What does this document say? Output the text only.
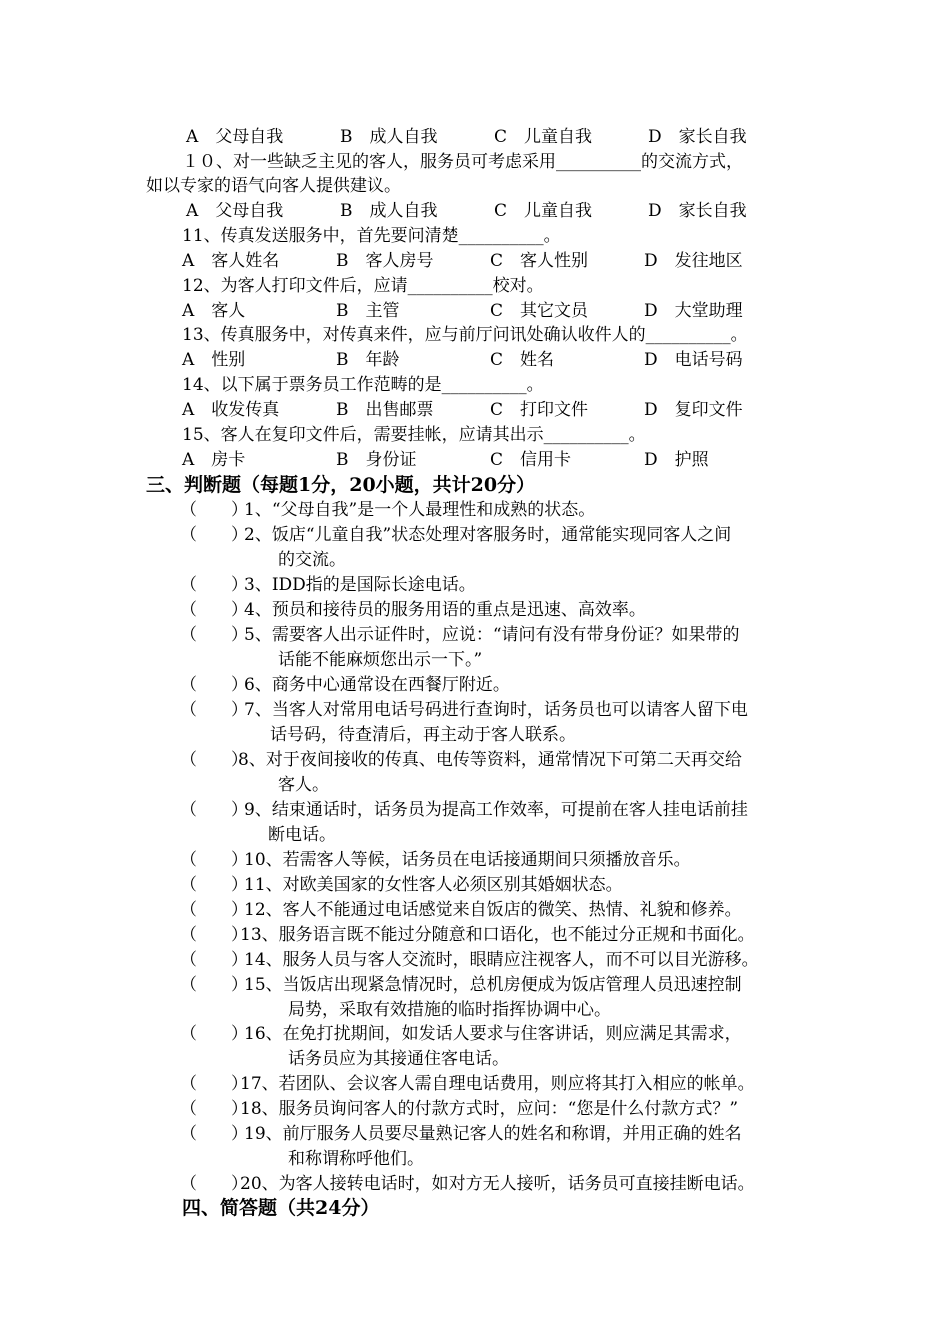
A　父母自我	B　成人自我	C　儿童自我	D　家长自我
１０、对一些缺乏主见的客人，服务员可考虑采用__________的交流方式，
如以专家的语气向客人提供建议。
A　父母自我	B　成人自我	C　儿童自我	D　家长自我
11、传真发送服务中，首先要问清楚__________。
A　客人姓名	B　客人房号	C　客人性别	D　发往地区
12、为客人打印文件后，应请__________校对。
A　客人	B　主管	C　其它文员	D　大堂助理
13、传真服务中，对传真来件，应与前厅问讯处确认收件人的__________。
A　性别	B　年龄	C　姓名	D　电话号码
14、以下属于票务员工作范畴的是__________。
A　收发传真	B　出售邮票	C　打印文件	D　复印文件
15、客人在复印文件后，需要挂帐，应请其出示__________。
A　房卡	B　身份证	C　信用卡	D　护照
三、判断题（每题1分，20小题，共计20分）
（　　）
1、“父母自我”是一个人最理性和成熟的状态。
（　　）
2、饭店“儿童自我”状态处理对客服务时，通常能实现同客人之间
的交流。
（　　）
3、IDD指的是国际长途电话。
（　　）
4、预员和接待员的服务用语的重点是迅速、高效率。
（　　）
5、需要客人出示证件时，应说：“请问有没有带身份证？如果带的
话能不能麻烦您出示一下。”
（　　）
6、商务中心通常设在西餐厅附近。
（　　）
7、当客人对常用电话号码进行查询时，话务员也可以请客人留下电
话号码，待查清后，再主动于客人联系。
（　　）
8、对于夜间接收的传真、电传等资料，通常情况下可第二天再交给
客人。
（　　）
9、结束通话时，话务员为提高工作效率，可提前在客人挂电话前挂
断电话。
（　　）
10、若需客人等候，话务员在电话接通期间只须播放音乐。
（　　）
11、对欧美国家的女性客人必须区别其婚姻状态。
（　　）
12、客人不能通过电话感觉来自饭店的微笑、热情、礼貌和修养。
（　　）
13、服务语言既不能过分随意和口语化，也不能过分正规和书面化。
（　　）
14、服务人员与客人交流时，眼睛应注视客人，而不可以目光游移。
（　　）
15、当饭店出现紧急情况时，总机房便成为饭店管理人员迅速控制
局势，采取有效措施的临时指挥协调中心。
（　　）
16、在免打扰期间，如发话人要求与住客讲话，则应满足其需求，
话务员应为其接通住客电话。
（　　）
17、若团队、会议客人需自理电话费用，则应将其打入相应的帐单。
（　　）
18、服务员询问客人的付款方式时，应问：“您是什么付款方式？”
（　　）
19、前厅服务人员要尽量熟记客人的姓名和称谓，并用正确的姓名
和称谓称呼他们。
（　　）
20、为客人接转电话时，如对方无人接听，话务员可直接挂断电话。
四、简答题（共24分）
